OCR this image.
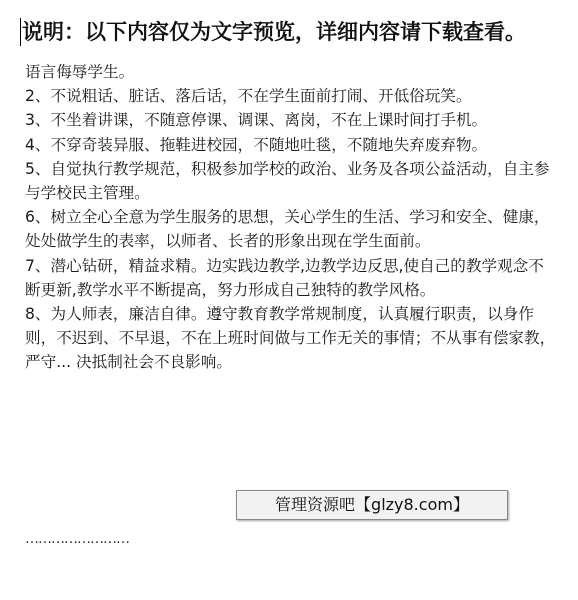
说明：以下内容仅为文字预览，详细内容请下载查看。

语言侮辱学生。

2、不说粗话、脏话、落后话，不在学生面前打闹、开低俗玩笑。

3、不坐着讲课，不随意停课、调课、离岗，不在上课时间打手机。

4、不穿奇装异服、拖鞋进校园，不随地吐毯，不随地失弃废弃物。

5、自觉执行教学规范，积极参加学校的政治、业务及各项公益活动，自主参与学校民主管理。

6、树立全心全意为学生服务的思想，关心学生的生活、学习和安全、健康，处处做学生的表率，以师者、长者的形象出现在学生面前。

7、潜心钻研，精益求精。边实践边教学,边教学边反思,使自己的教学观念不断更新,教学水平不断提高，努力形成自己独特的教学风格。

8、为人师表，廉洁自律。遵守教育教学常规制度，认真履行职责，以身作则，不迟到、不早退，不在上班时间做与工作无关的事情；不从事有偿家教，严守... 决抵制社会不良影响。

……………………
管理资源吧【glzy8.com】
